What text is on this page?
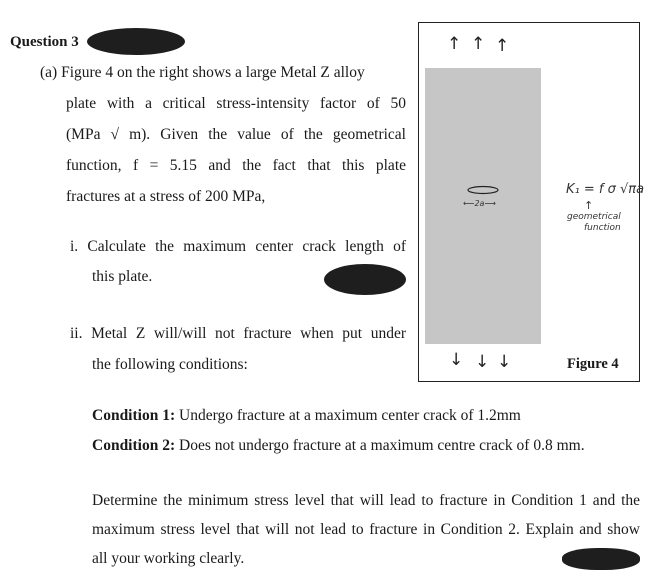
Question 3
(a) Figure 4 on the right shows a large Metal Z alloy
plate with a critical stress-intensity factor of 50
(MPa √ m). Given the value of the geometrical
function, f = 5.15 and the fact that this plate
fractures at a stress of 200 MPa,
i. Calculate the maximum center crack length of
this plate.
ii. Metal Z will/will not fracture when put under
the following conditions:
↑ ↑ ↑
⟵2a⟶
↓ ↓ ↓
K₁ = f σ √πa
↑
geometrical
function
Figure 4
Condition 1: Undergo fracture at a maximum center crack of 1.2mm
Condition 2: Does not undergo fracture at a maximum centre crack of 0.8 mm.
Determine the minimum stress level that will lead to fracture in Condition 1 and the
maximum stress level that will not lead to fracture in Condition 2. Explain and show
all your working clearly.
